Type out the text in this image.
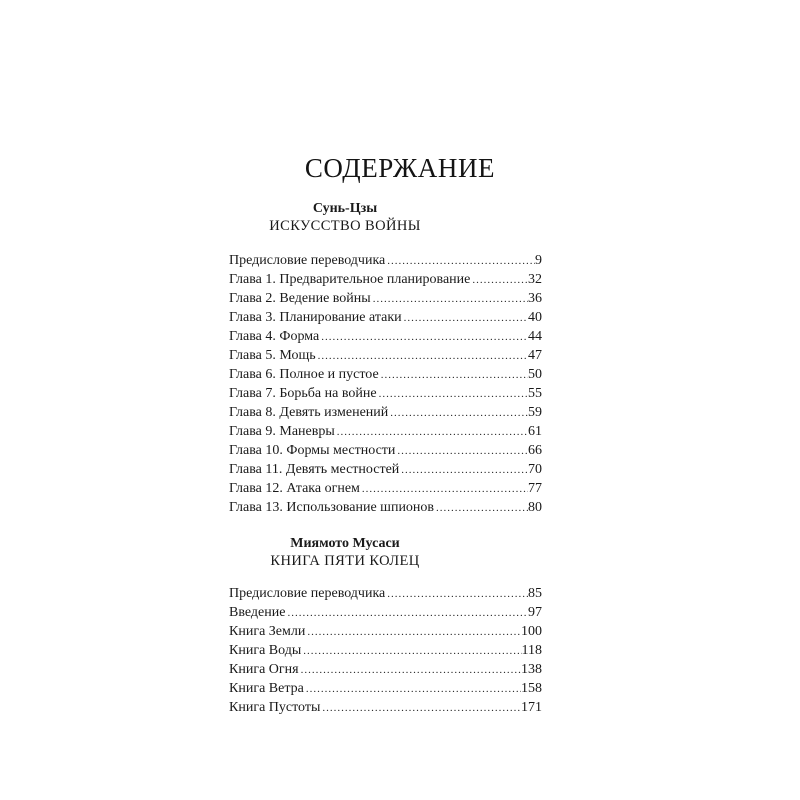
СОДЕРЖАНИЕ
Сунь-Цзы
ИСКУССТВО ВОЙНЫ
Предисловие переводчика .....	9
Глава 1. Предварительное планирование .....	32
Глава 2. Ведение войны .....	36
Глава 3. Планирование атаки .....	40
Глава 4. Форма .....	44
Глава 5. Мощь .....	47
Глава 6. Полное и пустое .....	50
Глава 7. Борьба на войне .....	55
Глава 8. Девять изменений .....	59
Глава 9. Маневры .....	61
Глава 10. Формы местности .....	66
Глава 11. Девять местностей .....	70
Глава 12. Атака огнем .....	77
Глава 13. Использование шпионов .....	80
Миямото Мусаси
КНИГА ПЯТИ КОЛЕЦ
Предисловие переводчика .....	85
Введение .....	97
Книга Земли .....	100
Книга Воды .....	118
Книга Огня .....	138
Книга Ветра .....	158
Книга Пустоты .....	171
